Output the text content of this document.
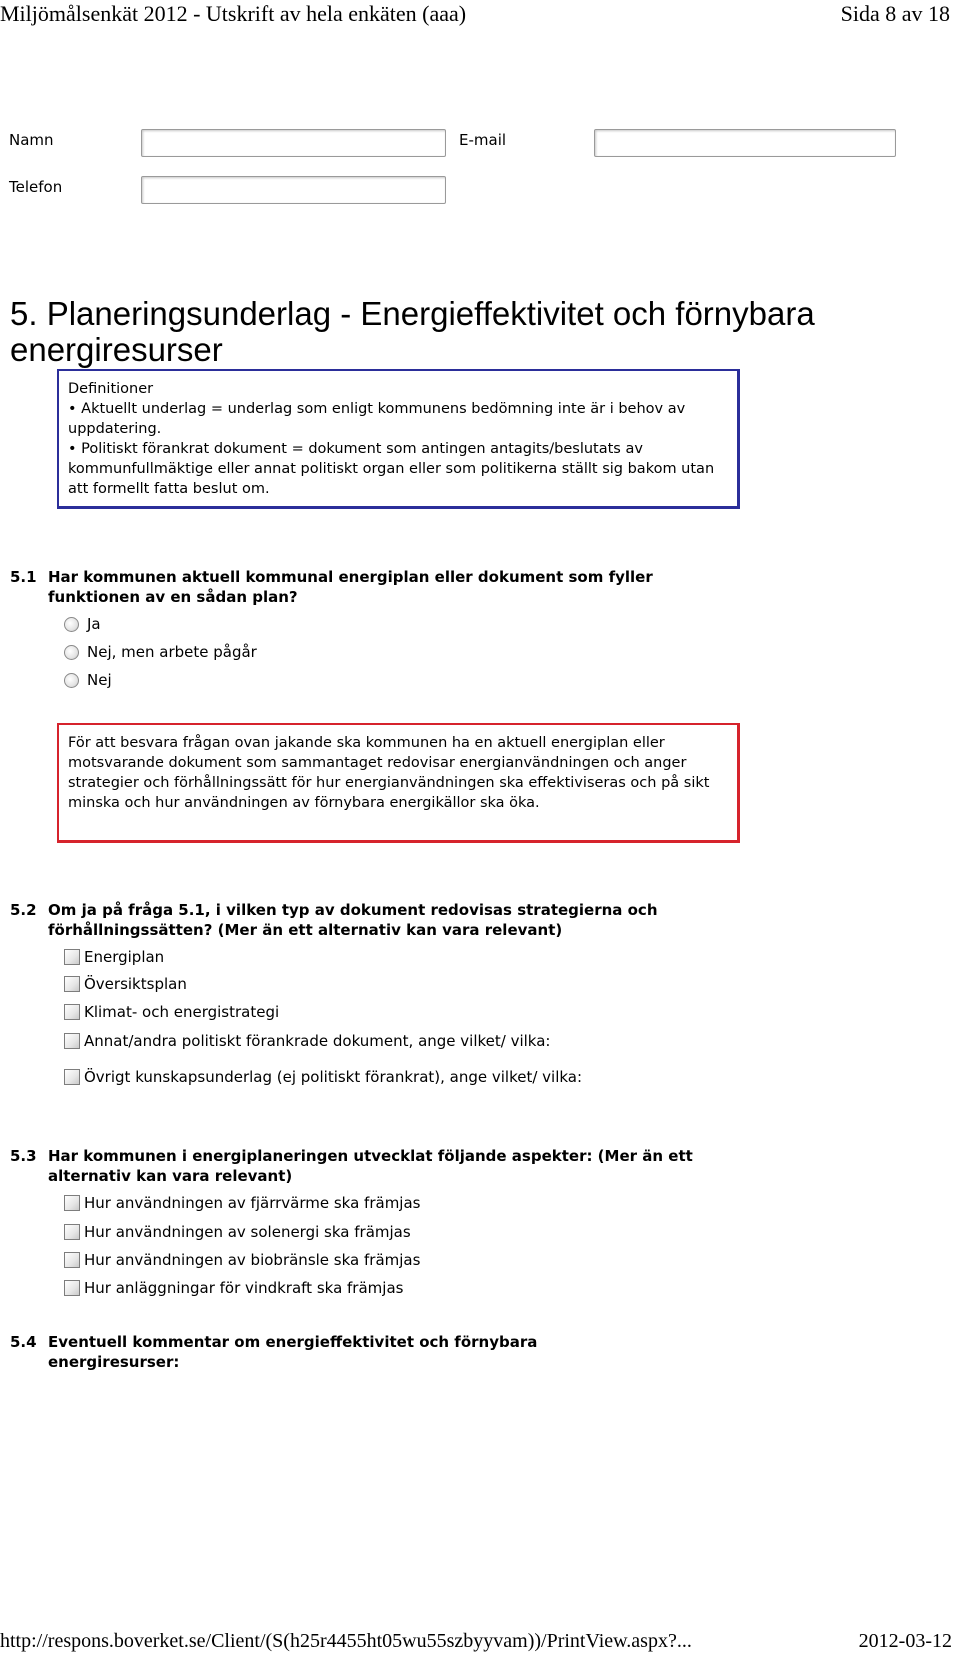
Miljömålsenkät 2012 - Utskrift av hela enkäten (aaa)	Sida 8 av 18
Namn	E-mail
Telefon
5. Planeringsunderlag - Energieffektivitet och förnybara energiresurser

Definitioner

• Aktuellt underlag = underlag som enligt kommunens bedömning inte är i behov av uppdatering.

• Politiskt förankrat dokument = dokument som antingen antagits/beslutats av kommunfullmäktige eller annat politiskt organ eller som politikerna ställt sig bakom utan att formellt fatta beslut om.

5.1 Har kommunen aktuell kommunal energiplan eller dokument som fyller funktionen av en sådan plan?
Ja
Nej, men arbete pågår
Nej

För att besvara frågan ovan jakande ska kommunen ha en aktuell energiplan eller motsvarande dokument som sammantaget redovisar energianvändningen och anger strategier och förhållningssätt för hur energianvändningen ska effektiviseras och på sikt minska och hur användningen av förnybara energikällor ska öka.

5.2 Om ja på fråga 5.1, i vilken typ av dokument redovisas strategierna och förhållningssätten? (Mer än ett alternativ kan vara relevant)
Energiplan
Översiktsplan
Klimat- och energistrategi
Annat/andra politiskt förankrade dokument, ange vilket/ vilka:
Övrigt kunskapsunderlag (ej politiskt förankrat), ange vilket/ vilka:
5.3 Har kommunen i energiplaneringen utvecklat följande aspekter: (Mer än ett alternativ kan vara relevant)
Hur användningen av fjärrvärme ska främjas
Hur användningen av solenergi ska främjas
Hur användningen av biobränsle ska främjas
Hur anläggningar för vindkraft ska främjas
5.4 Eventuell kommentar om energieffektivitet och förnybara energiresurser:
http://respons.boverket.se/Client/(S(h25r4455ht05wu55szbyyvam))/PrintView.aspx?...	2012-03-12
